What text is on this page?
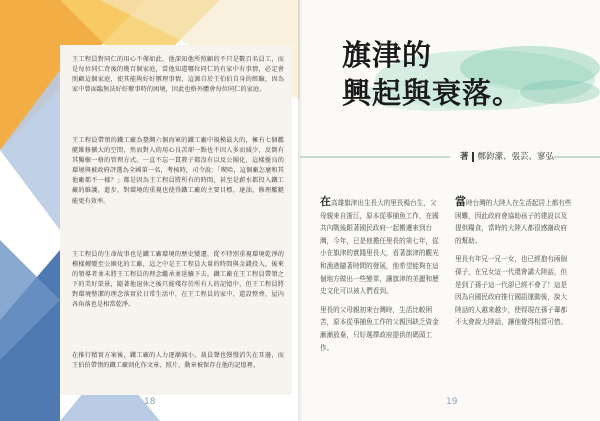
王工程員對同仁的用心不僅如此，他深知他所照顧的不只是數百名員工，而是每位同仁背後的幾百個家庭，當他知道哪位同仁的有家中有事情，必定會照顧這個家庭，使其能夠好好辦理事情，這源自於王伯伯自身的經驗，因為家中曾面臨無法好好辦事時的困境，因此也格外體會每位同仁的家庭。

王工程員帶領的鐵工廠為臺灣六個海軍的鐵工廠中規模最大的，擁有七個艦艇維修擴大的空間，然而對人的用心良苦卻一點也不因人多而減少，反倒有其獨樹一格的管理方式。一直不忘一貫教子都沒有以及公團化，這樣優良的環境與被政府評選為全國第一名，考核時，司令說：「喫哈，這個廠怎麼和其他廠都不一樣？」都是因為王工程員將所有的時間，甚至是薪水都投入鐵工廠的維護，進步，對環境的重視也使得鐵工廠的主要目標，達油，修理艦艇能更有效率。

王工程員的生命故事也是鐵工廠環境的歷史變遷，從不特別重視環境乾淨的模樣轉變至公園化的工廠，這之中是王工程員大量的時間與金錢投入，後來的領導者並未將王工程員的理念繼承並延續下去，鐵工廠在王工程員帶領之下的美好榮景，隨著他退休之後只能殘存於所有人的記憶中，但王工程員將對環境整潔的理念落實於日常生活中，在王工程員的家中，還設整齊，屋內各角落也是相當乾淨。

在推行精實方案後，鐵工廠的人力逐漸減小，裁員聲也慢慢消失在耳邊，而王伯伯帶領的鐵工廠則化作文章、照片、動章被保存在他的記憶裡。

18
旗津的
興起與衰落。
著 鄭鈞瀠、張芸、寥弘

在高雄旗津出生長大的里長楊台生，父母親來自浙江，原本從事捕魚工作，在國共內戰後跟著國民政府一起搬遷來到台灣，今年，已是他擔任里長的第七年，從小在旗津的實踐里長大，看著旗津的觀光和漁港隨著時間的發展，他希望能夠在這個地方做出一些變革，讓旗津的美麗和歷史文化可以被人們看到。

里長的父母親初來台灣時，生活比較困苦，原本從事捕魚工作的父親因缺乏資金漸漸放棄，只好選擇政府提供的碼頭工作。

當時台灣的大陸人在生活起居上都有些困難，因此政府會協助孩子的建設以及提供糧食，當時的大陸人都很感謝政府的幫助。

里長有年兄一兄一女，也已經抱有兩個孫子，在兄女這一代還會講大陸話，但是到了孫子這一代卻已經不會了！這是因為自國民政府推行國語運動後，說大陸話的人越來越少，使得現在孫子輩都不太會說大陸話，讓他覺得相當可惜。

19
